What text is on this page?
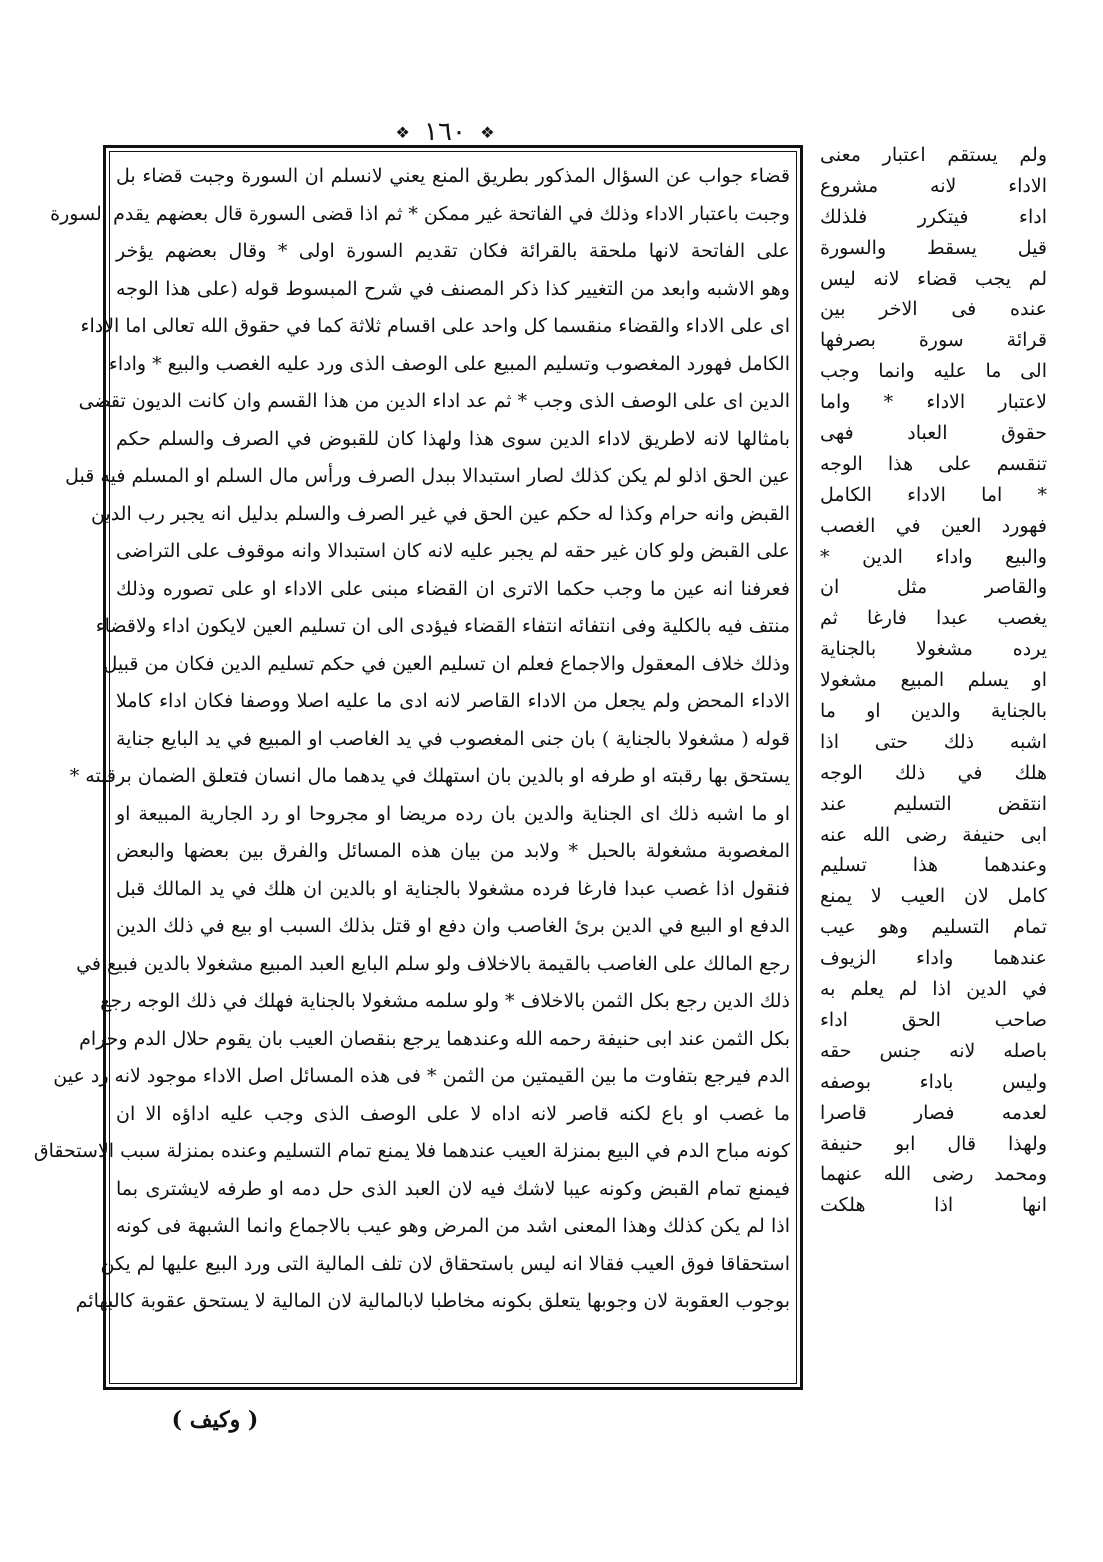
❖ ١٦٠ ❖
قضاء جواب عن السؤال المذكور بطريق المنع يعني لانسلم ان السورة وجبت قضاء بل
وجبت باعتبار الاداء وذلك في الفاتحة غير ممكن * ثم اذا قضى السورة قال بعضهم يقدم السورة
على الفاتحة لانها ملحقة بالقرائة فكان تقديم السورة اولى * وقال بعضهم يؤخر
وهو الاشبه وابعد من التغيير كذا ذكر المصنف في شرح المبسوط قوله (على هذا الوجه
اى على الاداء والقضاء منقسما كل واحد على اقسام ثلاثة كما في حقوق الله تعالى اما الاداء
الكامل فهورد المغصوب وتسليم المبيع على الوصف الذى ورد عليه الغصب والبيع * واداء
الدين اى على الوصف الذى وجب * ثم عد اداء الدين من هذا القسم وان كانت الديون تقضى
بامثالها لانه لاطريق لاداء الدين سوى هذا ولهذا كان للقبوض في الصرف والسلم حكم
عين الحق اذلو لم يكن كذلك لصار استبدالا ببدل الصرف ورأس مال السلم او المسلم فيه قبل
القبض وانه حرام وكذا له حكم عين الحق في غير الصرف والسلم بدليل انه يجبر رب الدين
على القبض ولو كان غير حقه لم يجبر عليه لانه كان استبدالا وانه موقوف على التراضى
فعرفنا انه عين ما وجب حكما الاترى ان القضاء مبنى على الاداء او على تصوره وذلك
منتف فيه بالكلية وفى انتفائه انتفاء القضاء فيؤدى الى ان تسليم العين لايكون اداء ولاقضاء
وذلك خلاف المعقول والاجماع فعلم ان تسليم العين في حكم تسليم الدين فكان من قبيل
الاداء المحض ولم يجعل من الاداء القاصر لانه ادى ما عليه اصلا ووصفا فكان اداء كاملا
قوله ( مشغولا بالجناية ) بان جنى المغصوب في يد الغاصب او المبيع في يد البايع جناية
يستحق بها رقبته او طرفه او بالدين بان استهلك في يدهما مال انسان فتعلق الضمان برقبته *
او ما اشبه ذلك اى الجناية والدين بان رده مريضا او مجروحا او رد الجارية المبيعة او
المغصوبة مشغولة بالحبل * ولابد من بيان هذه المسائل والفرق بين بعضها والبعض
فنقول اذا غصب عبدا فارغا فرده مشغولا بالجناية او بالدين ان هلك في يد المالك قبل
الدفع او البيع في الدين برئ الغاصب وان دفع او قتل بذلك السبب او بيع في ذلك الدين
رجع المالك على الغاصب بالقيمة بالاخلاف ولو سلم البايع العبد المبيع مشغولا بالدين فبيع في
ذلك الدين رجع بكل الثمن بالاخلاف * ولو سلمه مشغولا بالجناية فهلك في ذلك الوجه رجع
بكل الثمن عند ابى حنيفة رحمه الله وعندهما يرجع بنقصان العيب بان يقوم حلال الدم وحرام
الدم فيرجع بتفاوت ما بين القيمتين من الثمن * فى هذه المسائل اصل الاداء موجود لانه رد عين
ما غصب او باع لكنه قاصر لانه اداه لا على الوصف الذى وجب عليه اداؤه الا ان
كونه مباح الدم في البيع بمنزلة العيب عندهما فلا يمنع تمام التسليم وعنده بمنزلة سبب الاستحقاق
فيمنع تمام القبض وكونه عيبا لاشك فيه لان العبد الذى حل دمه او طرفه لايشترى بما
اذا لم يكن كذلك وهذا المعنى اشد من المرض وهو عيب بالاجماع وانما الشبهة فى كونه
استحقاقا فوق العيب فقالا انه ليس باستحقاق لان تلف المالية التى ورد البيع عليها لم يكن
بوجوب العقوبة لان وجوبها يتعلق بكونه مخاطبا لابالمالية لان المالية لا يستحق عقوبة كالبهائم
ولم يستقم اعتبار معنى
الاداء لانه مشروع
اداء فيتكرر فلذلك
قيل يسقط والسورة
لم يجب قضاء لانه ليس
عنده فى الاخر بين
قرائة سورة بصرفها
الى ما عليه وانما وجب
لاعتبار الاداء * واما
حقوق العباد فهى
تنقسم على هذا الوجه
* اما الاداء الكامل
فهورد العين في الغصب
والبيع واداء الدين *
والقاصر مثل ان
يغصب عبدا فارغا ثم
يرده مشغولا بالجناية
او يسلم المبيع مشغولا
بالجناية والدين او ما
اشبه ذلك حتى اذا
هلك في ذلك الوجه
انتقض التسليم عند
ابى حنيفة رضى الله عنه
وعندهما هذا تسليم
كامل لان العيب لا يمنع
تمام التسليم وهو عيب
عندهما واداء الزيوف
في الدين اذا لم يعلم به
صاحب الحق اداء
باصله لانه جنس حقه
وليس باداء بوصفه
لعدمه فصار قاصرا
ولهذا قال ابو حنيفة
ومحمد رضى الله عنهما
انها اذا هلكت
( وكيف )
